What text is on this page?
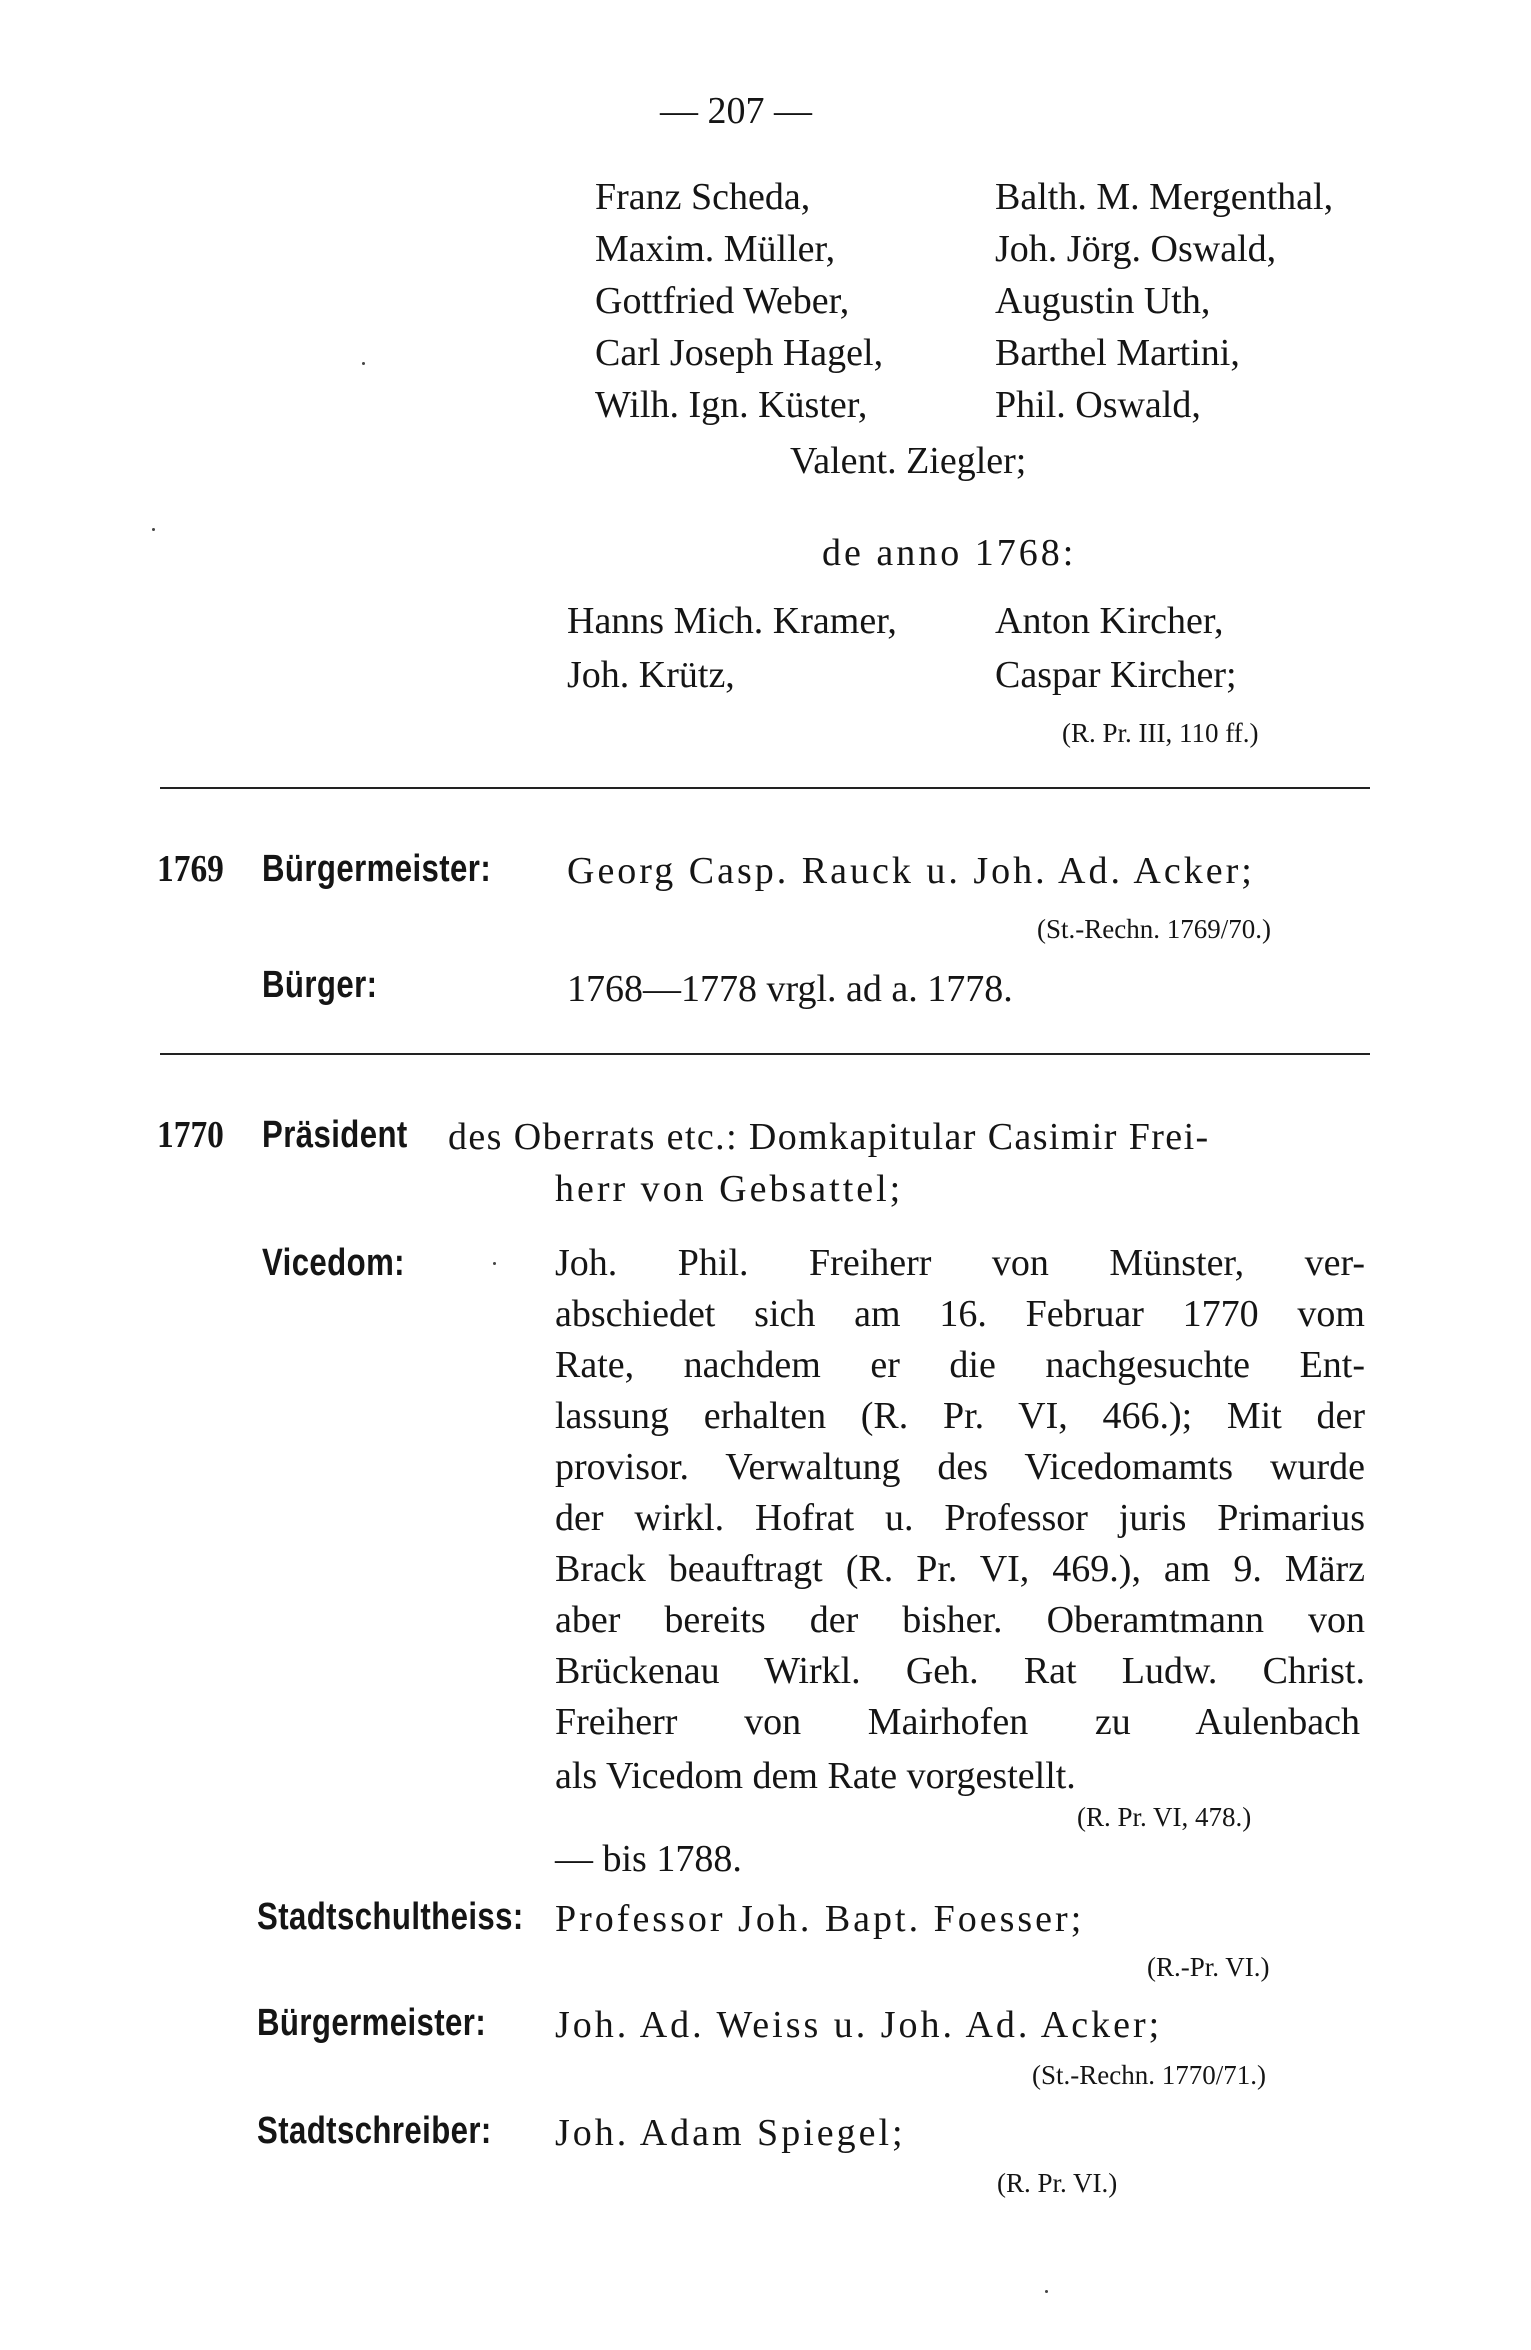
— 207 —
Franz Scheda,
Maxim. Müller,
Gottfried Weber,
Carl Joseph Hagel,
Wilh. Ign. Küster,
Balth. M. Mergenthal,
Joh. Jörg. Oswald,
Augustin Uth,
Barthel Martini,
Phil. Oswald,
Valent. Ziegler;
de anno 1768:
Hanns Mich. Kramer,
Joh. Krütz,
Anton Kircher,
Caspar Kircher;
(R. Pr. III, 110 ff.)
1769 Bürgermeister: Georg Casp. Rauck u. Joh. Ad. Acker;
(St.-Rechn. 1769/70.)
Bürger:	1768—1778 vrgl. ad a. 1778.
1770 Präsident des Oberrats etc.: Domkapitular Casimir Frei-
herr von Gebsattel;
Vicedom:	Joh. Phil. Freiherr von Münster, ver-
abschiedet sich am 16. Februar 1770 vom
Rate, nachdem er die nachgesuchte Ent-
lassung erhalten (R. Pr. VI, 466.); Mit der
provisor. Verwaltung des Vicedomamts wurde
der wirkl. Hofrat u. Professor juris Primarius
Brack beauftragt (R. Pr. VI, 469.), am 9. März
aber bereits der bisher. Oberamtmann von
Brückenau Wirkl. Geh. Rat Ludw. Christ.
Freiherr von Mairhofen zu Aulenbach
als Vicedom dem Rate vorgestellt.
(R. Pr. VI, 478.)
— bis 1788.
Stadtschultheiss: Professor Joh. Bapt. Foesser;
(R.-Pr. VI.)
Bürgermeister: Joh. Ad. Weiss u. Joh. Ad. Acker;
(St.-Rechn. 1770/71.)
Stadtschreiber: Joh. Adam Spiegel;
(R. Pr. VI.)
